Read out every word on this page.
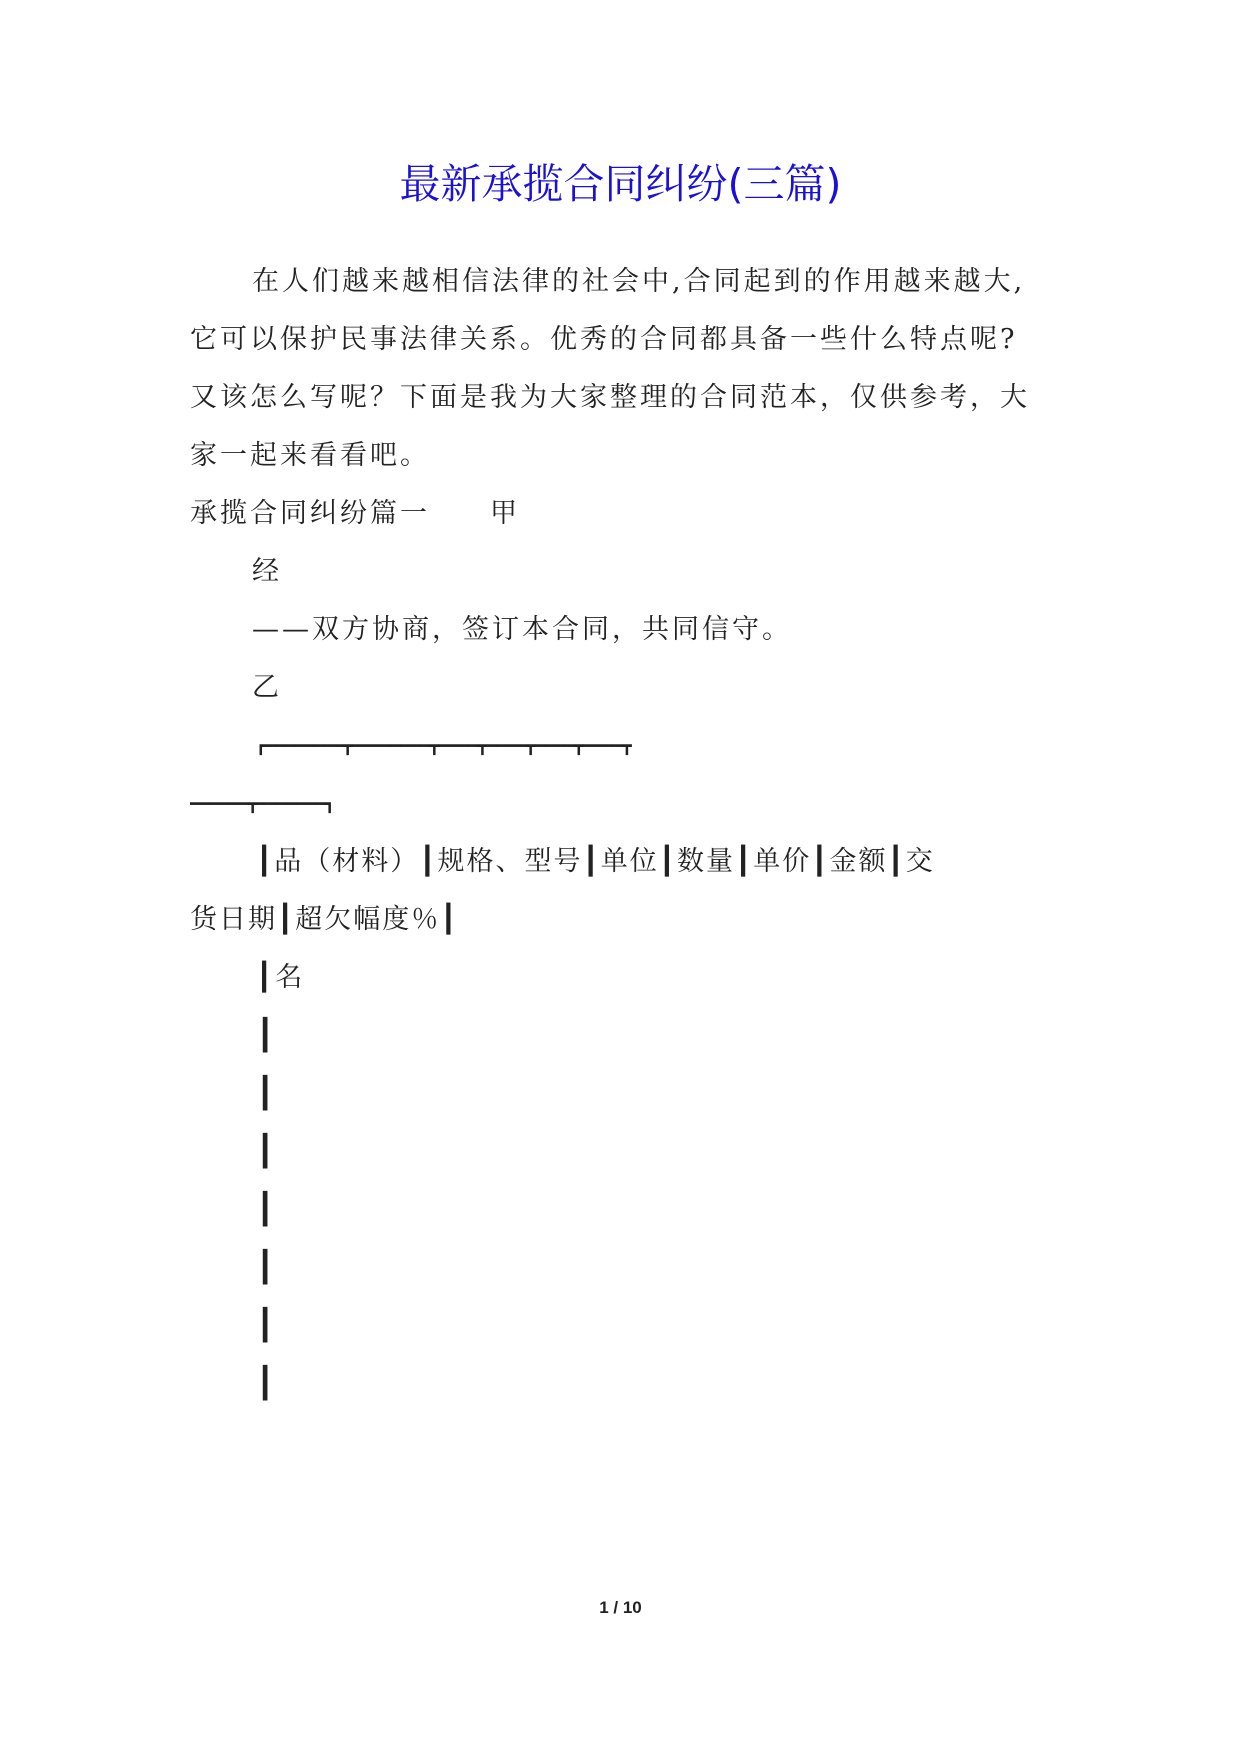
最新承揽合同纠纷(三篇)

在人们越来越相信法律的社会中,合同起到的作用越来越大,

它可以保护民事法律关系。优秀的合同都具备一些什么特点呢?

又该怎么写呢？下面是我为大家整理的合同范本，仅供参考，大

家一起来看看吧。

承揽合同纠纷篇一　　甲

经

——双方协商，签订本合同，共同信守。

乙

┏━━━━━━━━┳━━━━━━━━┳━━━━┳━━━━┳━━━━┳━━━━┳

━━━━━━┳━━━━━━━┓

┃品（材料）┃规格、型号┃单位┃数量┃单价┃金额┃交

货日期┃超欠幅度％┃

┃名

┃

┃

┃

┃

┃

┃

┃

1 / 10
